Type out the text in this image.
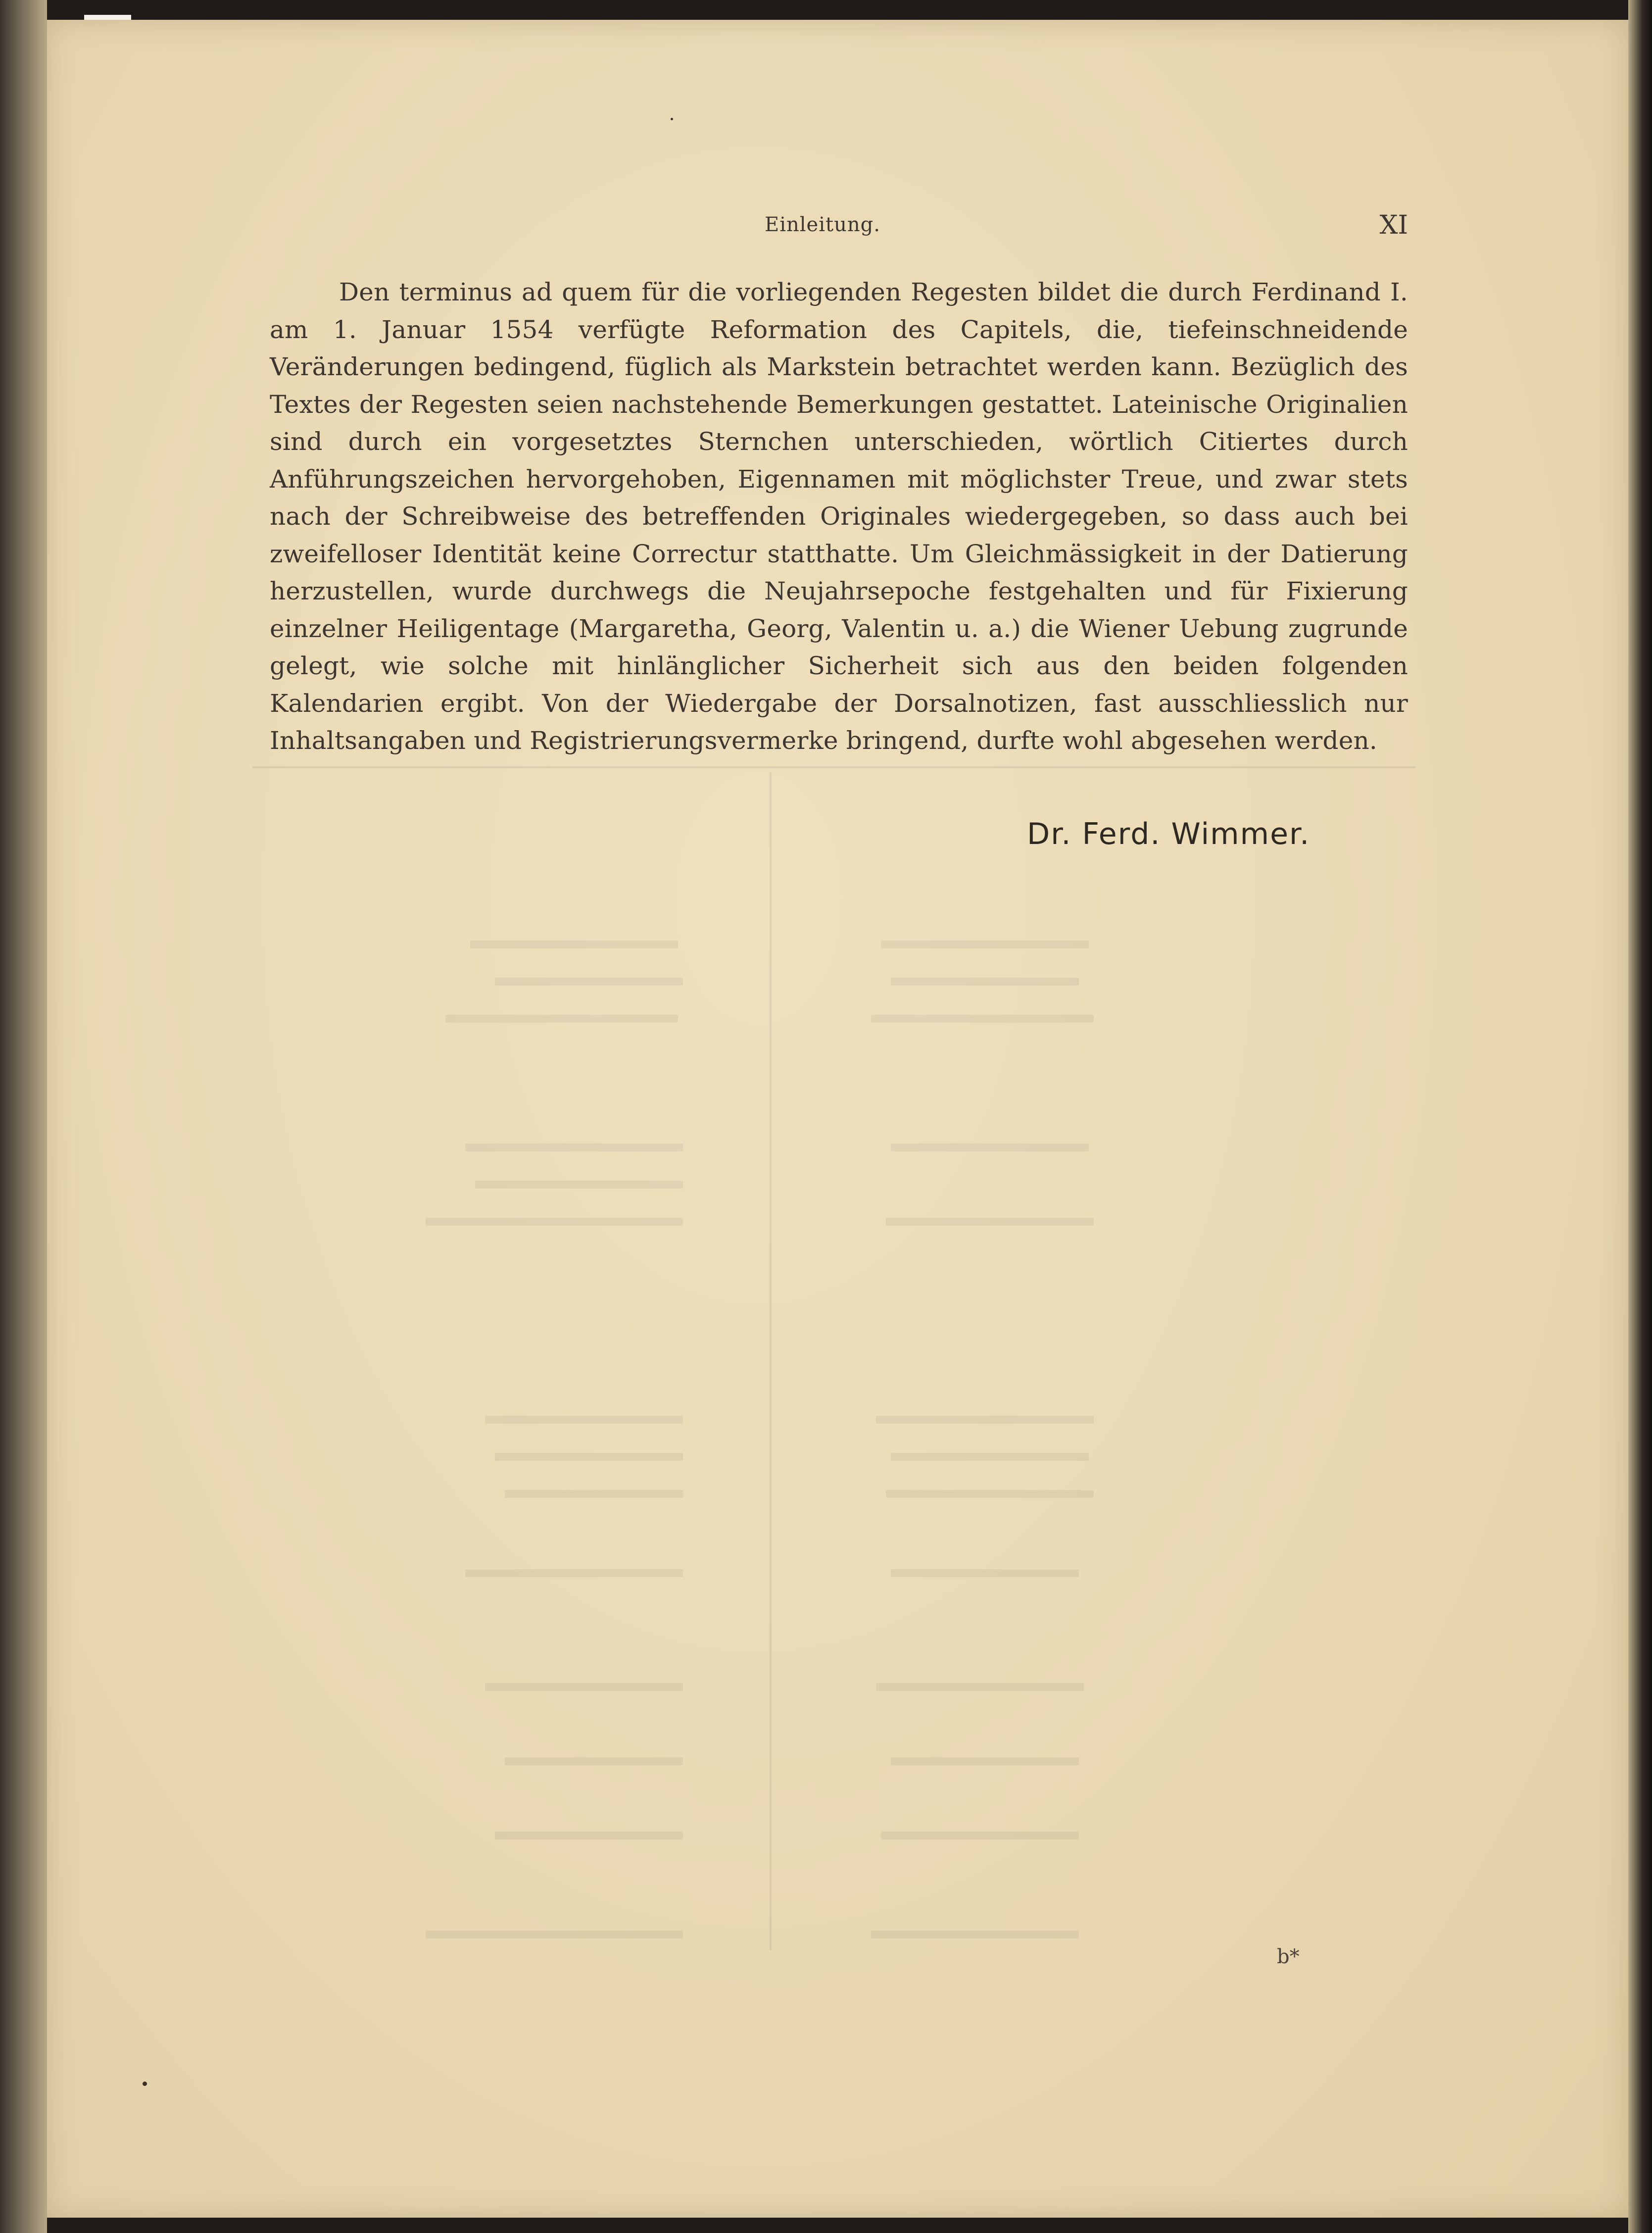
Einleitung.	XI

Den terminus ad quem für die vorliegenden Regesten bildet die durch Ferdinand I. am 1. Januar 1554 verfügte Reformation des Capitels, die, tiefeinschneidende Veränderungen bedingend, füglich als Markstein betrachtet werden kann. Bezüglich des Textes der Regesten seien nachstehende Bemerkungen gestattet. Lateinische Originalien sind durch ein vorgesetztes Sternchen unterschieden, wörtlich Citiertes durch Anführungszeichen hervorgehoben, Eigennamen mit möglichster Treue, und zwar stets nach der Schreibweise des betreffenden Originales wiedergegeben, so dass auch bei zweifelloser Identität keine Correctur statthatte. Um Gleichmässigkeit in der Datierung herzustellen, wurde durchwegs die Neujahrsepoche festgehalten und für Fixierung einzelner Heiligentage (Margaretha, Georg, Valentin u. a.) die Wiener Uebung zugrunde gelegt, wie solche mit hinlänglicher Sicherheit sich aus den beiden folgenden Kalendarien ergibt. Von der Wiedergabe der Dorsalnotizen, fast ausschliesslich nur Inhaltsangaben und Registrierungsvermerke bringend, durfte wohl abgesehen werden.

Dr. Ferd. Wimmer.
b*
